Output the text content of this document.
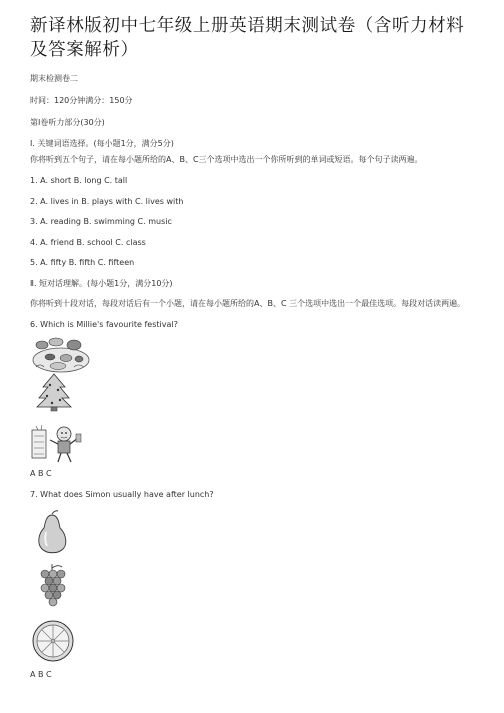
新译林版初中七年级上册英语期末测试卷（含听力材料及答案解析）
期末检测卷二
时间：120分钟满分：150分
第Ⅰ卷听力部分(30分)
Ⅰ. 关键词语选择。(每小题1分，满分5分)
你将听到五个句子，请在每小题所给的A、B、C三个选项中选出一个你所听到的单词或短语。每个句子读两遍。
1. A. short B. long C. tall
2. A. lives in B. plays with C. lives with
3. A. reading B. swimming C. music
4. A. friend B. school C. class
5. A. fifty B. fifth C. fifteen
Ⅱ. 短对话理解。(每小题1分，满分10分)
你将听到十段对话，每段对话后有一个小题，请在每小题所给的A、B、C 三个选项中选出一个最佳选项。每段对话读两遍。
6. Which is Millie's favourite festival?
A B C
7. What does Simon usually have after lunch?
A B C
